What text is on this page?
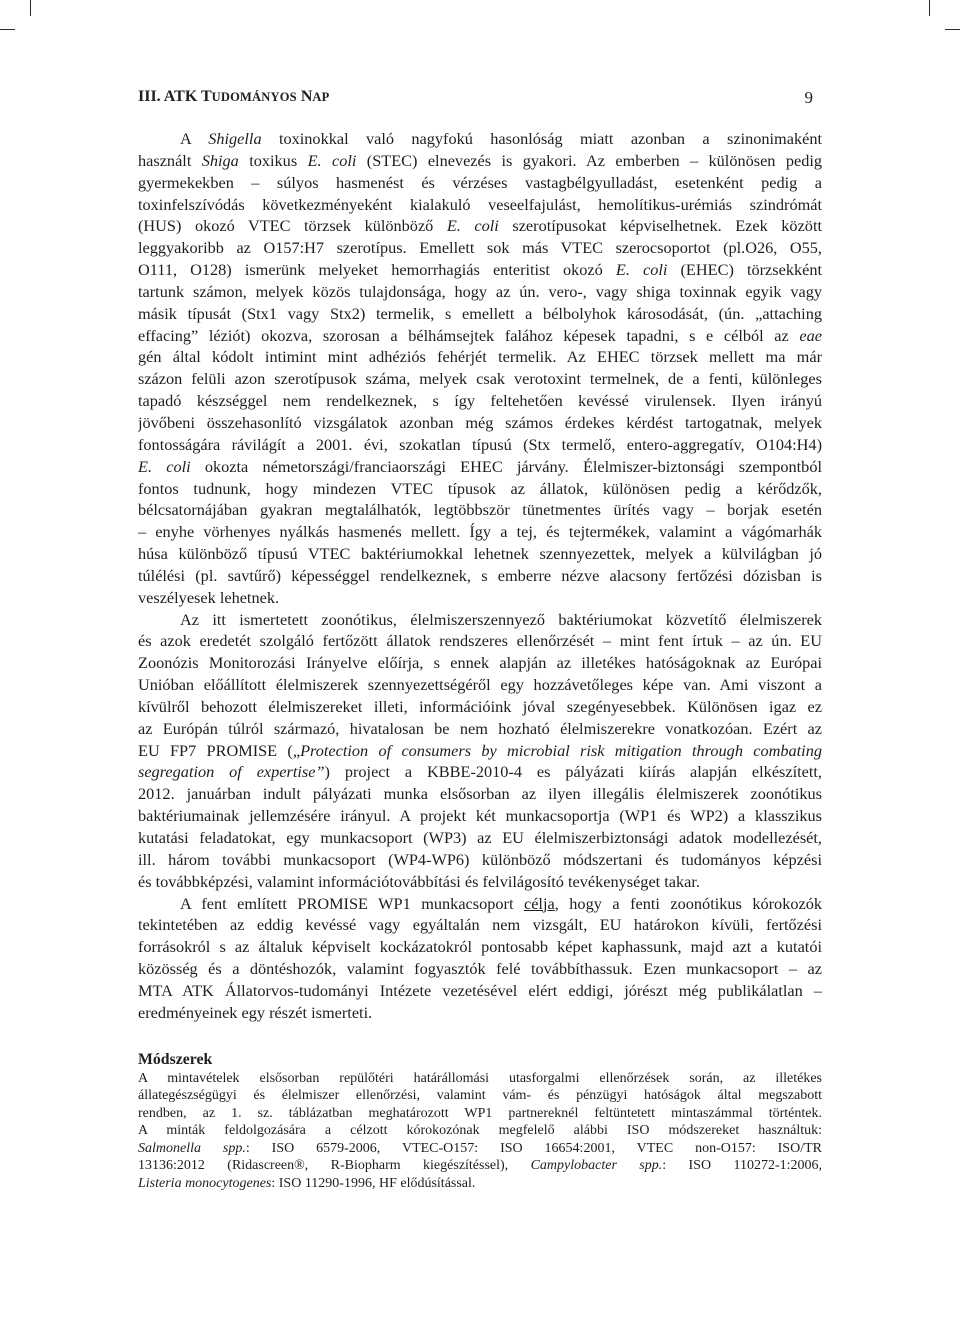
III. ATK TUDOMÁNYOS NAP	9
A Shigella toxinokkal való nagyfokú hasonlóság miatt azonban a szinonimaként
használt Shiga toxikus E. coli (STEC) elnevezés is gyakori. Az emberben – különösen pedig
gyermekekben – súlyos hasmenést és vérzéses vastagbélgyulladást, esetenként pedig a
toxinfelszívódás következményeként kialakuló veseelfajulást, hemolítikus-urémiás szindrómát
(HUS) okozó VTEC törzsek különböző E. coli szerotípusokat képviselhetnek. Ezek között
leggyakoribb az O157:H7 szerotípus. Emellett sok más VTEC szerocsoportot (pl.O26, O55,
O111, O128) ismerünk melyeket hemorrhagiás enteritist okozó E. coli (EHEC) törzsekként
tartunk számon, melyek közös tulajdonsága, hogy az ún. vero-, vagy shiga toxinnak egyik vagy
másik típusát (Stx1 vagy Stx2) termelik, s emellett a bélbolyhok károsodását, (ún. „attaching
effacing” léziót) okozva, szorosan a bélhámsejtek falához képesek tapadni, s e célból az eae
gén által kódolt intimint mint adhéziós fehérjét termelik. Az EHEC törzsek mellett ma már
százon felüli azon szerotípusok száma, melyek csak verotoxint termelnek, de a fenti, különleges
tapadó készséggel nem rendelkeznek, s így feltehetően kevéssé virulensek. Ilyen irányú
jövőbeni összehasonlító vizsgálatok azonban még számos érdekes kérdést tartogatnak, melyek
fontosságára rávilágít a 2001. évi, szokatlan típusú (Stx termelő, entero-aggregatív, O104:H4)
E. coli okozta németországi/franciaországi EHEC járvány. Élelmiszer-biztonsági szempontból
fontos tudnunk, hogy mindezen VTEC típusok az állatok, különösen pedig a kérődzők,
bélcsatornájában gyakran megtalálhatók, legtöbbször tünetmentes ürítés vagy – borjak esetén
– enyhe vörhenyes nyálkás hasmenés mellett. Így a tej, és tejtermékek, valamint a vágómarhák
húsa különböző típusú VTEC baktériumokkal lehetnek szennyezettek, melyek a külvilágban jó
túlélési (pl. savtűrő) képességgel rendelkeznek, s emberre nézve alacsony fertőzési dózisban is
veszélyesek lehetnek.
Az itt ismertetett zoonótikus, élelmiszerszennyező baktériumokat közvetítő élelmiszerek
és azok eredetét szolgáló fertőzött állatok rendszeres ellenőrzését – mint fent írtuk – az ún. EU
Zoonózis Monitorozási Irányelve előírja, s ennek alapján az illetékes hatóságoknak az Európai
Unióban előállított élelmiszerek szennyezettségéről egy hozzávetőleges képe van. Ami viszont a
kívülről behozott élelmiszereket illeti, információink jóval szegényesebbek. Különösen igaz ez
az Európán túlról származó, hivatalosan be nem hozható élelmiszerekre vonatkozóan. Ezért az
EU FP7 PROMISE („Protection of consumers by microbial risk mitigation through combating
segregation of expertise”) project a KBBE-2010-4 es pályázati kiírás alapján elkészített,
2012. januárban indult pályázati munka elsősorban az ilyen illegális élelmiszerek zoonótikus
baktériumainak jellemzésére irányul. A projekt két munkacsoportja (WP1 és WP2) a klasszikus
kutatási feladatokat, egy munkacsoport (WP3) az EU élelmiszerbiztonsági adatok modellezését,
ill. három további munkacsoport (WP4-WP6) különböző módszertani és tudományos képzési
és továbbképzési, valamint információtovábbítási és felvilágosító tevékenységet takar.
A fent említett PROMISE WP1 munkacsoport célja, hogy a fenti zoonótikus kórokozók
tekintetében az eddig kevéssé vagy egyáltalán nem vizsgált, EU határokon kívüli, fertőzési
forrásokról s az általuk képviselt kockázatokról pontosabb képet kaphassunk, majd azt a kutatói
közösség és a döntéshozók, valamint fogyasztók felé továbbíthassuk. Ezen munkacsoport – az
MTA ATK Állatorvos-tudományi Intézete vezetésével elért eddigi, jórészt még publikálatlan –
eredményeinek egy részét ismerteti.
Módszerek
A mintavételek elsősorban repülőtéri határállomási utasforgalmi ellenőrzések során, az illetékes
állategészségügyi és élelmiszer ellenőrzési, valamint vám- és pénzügyi hatóságok által megszabott
rendben, az 1. sz. táblázatban meghatározott WP1 partnereknél feltüntetett mintaszámmal történtek.
A minták feldolgozására a célzott kórokozónak megfelelő alábbi ISO módszereket használtuk:
Salmonella spp.: ISO 6579-2006, VTEC-O157: ISO 16654:2001, VTEC non-O157: ISO/TR
13136:2012 (Ridascreen®, R-Biopharm kiegészítéssel), Campylobacter spp.: ISO 110272-1:2006,
Listeria monocytogenes: ISO 11290-1996, HF elődúsítással.
